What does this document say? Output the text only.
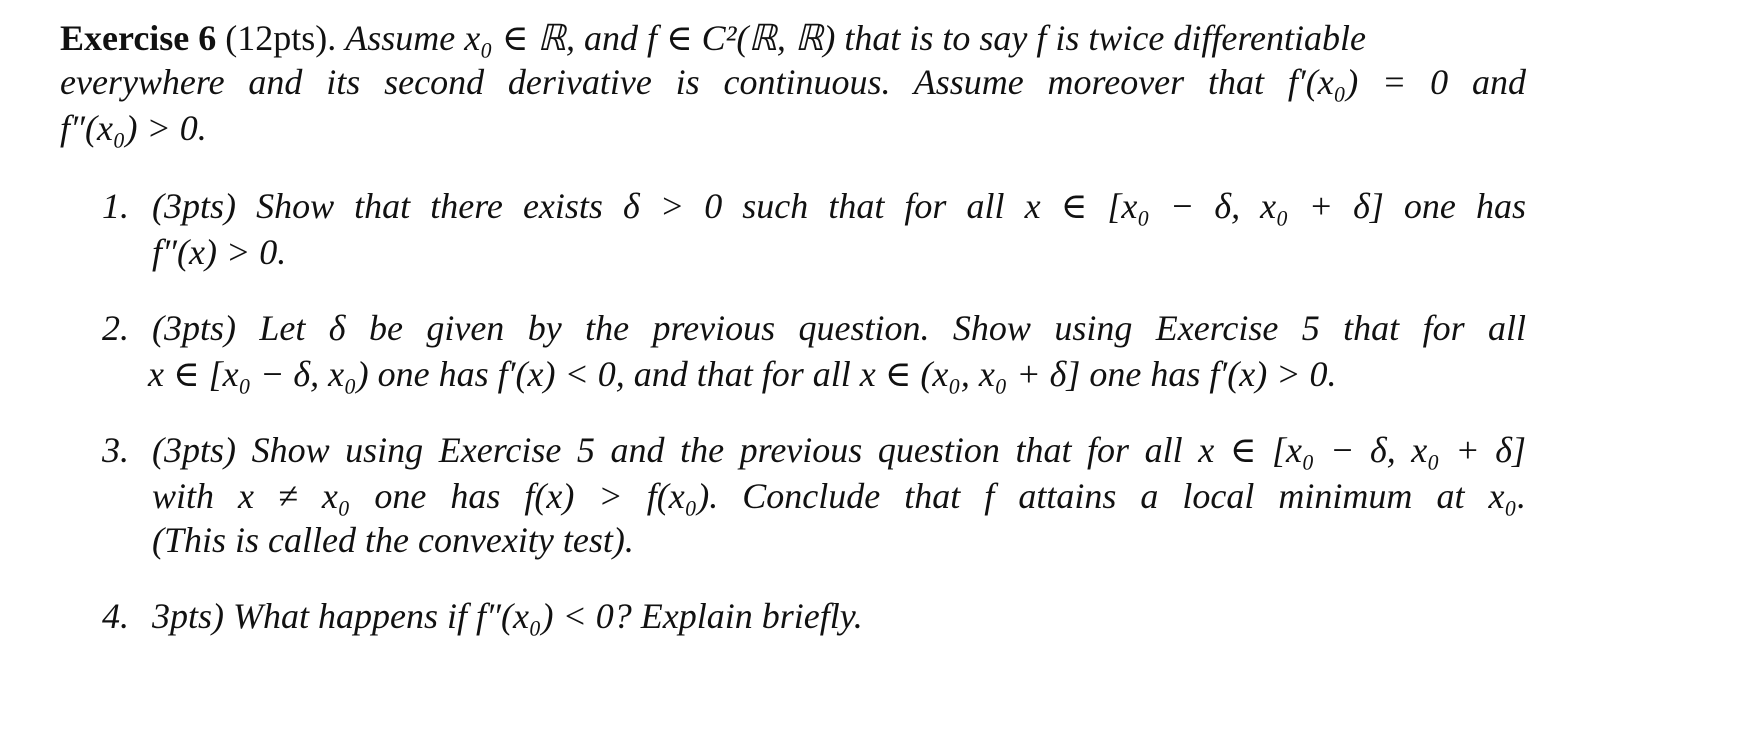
Exercise 6 (12pts). Assume x₀ ∈ ℝ, and f ∈ C²(ℝ, ℝ) that is to say f is twice differentiable
everywhere and its second derivative is continuous. Assume moreover that f′(x₀) = 0 and
f″(x₀) > 0.
1. (3pts) Show that there exists δ > 0 such that for all x ∈ [x₀ − δ, x₀ + δ] one has
f″(x) > 0.
2. (3pts) Let δ be given by the previous question. Show using Exercise 5 that for all
x ∈ [x₀ − δ, x₀) one has f′(x) < 0, and that for all x ∈ (x₀, x₀ + δ] one has f′(x) > 0.
3. (3pts) Show using Exercise 5 and the previous question that for all x ∈ [x₀ − δ, x₀ + δ]
with x ≠ x₀ one has f(x) > f(x₀). Conclude that f attains a local minimum at x₀.
(This is called the convexity test).
4. 3pts) What happens if f″(x₀) < 0? Explain briefly.
